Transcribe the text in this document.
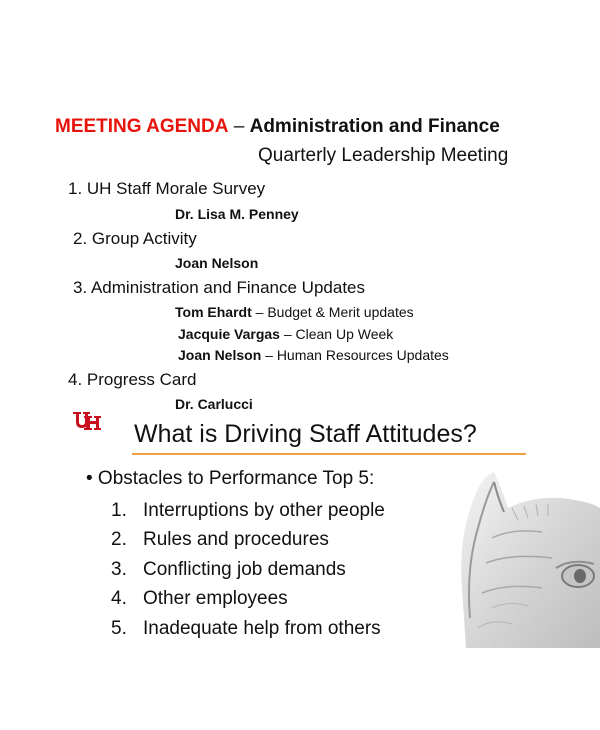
MEETING AGENDA – Administration and Finance
Quarterly Leadership Meeting
1. UH Staff Morale Survey
Dr. Lisa M. Penney
2. Group Activity
Joan Nelson
3. Administration and Finance Updates
Tom Ehardt – Budget & Merit updates
Jacquie Vargas – Clean Up Week
Joan Nelson – Human Resources Updates
4. Progress Card
Dr. Carlucci
What is Driving Staff Attitudes?
• Obstacles to Performance Top 5:
1. Interruptions by other people
2. Rules and procedures
3. Conflicting job demands
4. Other employees
5. Inadequate help from others
